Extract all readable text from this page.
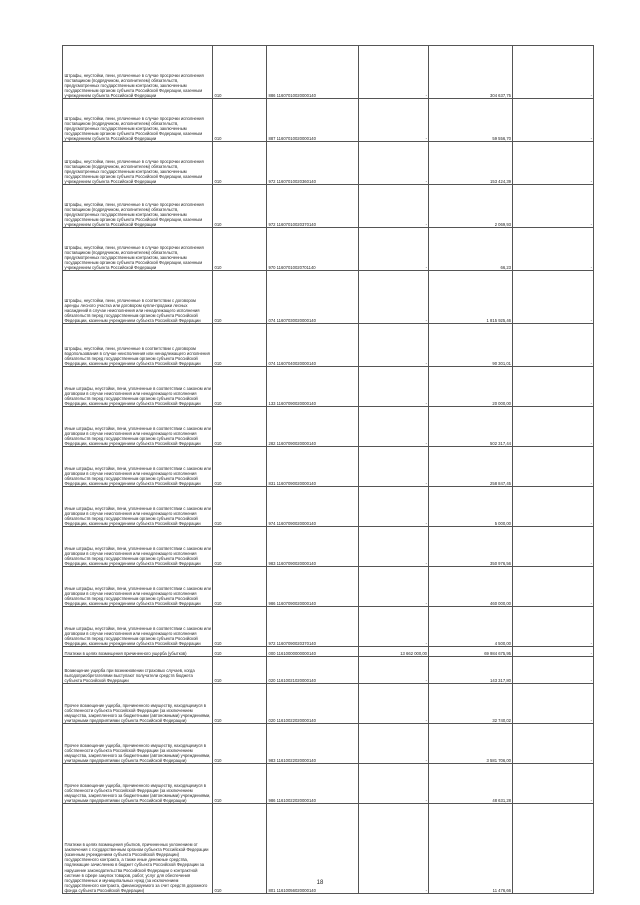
Штрафы, неустойки, пени, уплаченные в случае просрочки исполнения поставщиком (подрядчиком, исполнителем) обязательств, предусмотренных государственным контрактом, заключенным государственным органом субъекта Российской Федерации, казенным учреждением субъекта Российской Федерации	010	886 11607010020000140	-	304 637,75	-
Штрафы, неустойки, пени, уплаченные в случае просрочки исполнения поставщиком (подрядчиком, исполнителем) обязательств, предусмотренных государственным контрактом, заключенным государственным органом субъекта Российской Федерации, казенным учреждением субъекта Российской Федерации	010	887 11607010020000140	-	59 556,70	-
Штрафы, неустойки, пени, уплаченные в случае просрочки исполнения поставщиком (подрядчиком, исполнителем) обязательств, предусмотренных государственным контрактом, заключенным государственным органом субъекта Российской Федерации, казенным учреждением субъекта Российской Федерации	010	972 11607010020360140	-	153 424,39	-
Штрафы, неустойки, пени, уплаченные в случае просрочки исполнения поставщиком (подрядчиком, исполнителем) обязательств, предусмотренных государственным контрактом, заключенным государственным органом субъекта Российской Федерации, казенным учреждением субъекта Российской Федерации	010	972 11607010020370140	-	2 069,93	-
Штрафы, неустойки, пени, уплаченные в случае просрочки исполнения поставщиком (подрядчиком, исполнителем) обязательств, предусмотренных государственным контрактом, заключенным государственным органом субъекта Российской Федерации, казенным учреждением субъекта Российской Федерации	010	970 11607010020701140	-	66,23	-
Штрафы, неустойки, пени, уплаченные в соответствии с договором аренды лесного участка или договором купли-продажи лесных насаждений в случае неисполнения или ненадлежащего исполнения обязательств перед государственным органом субъекта Российской Федерации, казенным учреждением субъекта Российской Федерации	010	074 11607030020000140	-	1 815 925,46	-
Штрафы, неустойки, пени, уплаченные в соответствии с договором водопользования в случае неисполнения или ненадлежащего исполнения обязательств перед государственным органом субъекта Российской Федерации, казенным учреждением субъекта Российской Федерации	010	074 11607040020000140	-	90 301,01	-
Иные штрафы, неустойки, пени, уплаченные в соответствии с законом или договором в случае неисполнения или ненадлежащего исполнения обязательств перед государственным органом субъекта Российской Федерации, казенным учреждением субъекта Российской Федерации	010	133 11607090020000140	-	20 000,00	-
Иные штрафы, неустойки, пени, уплаченные в соответствии с законом или договором в случае неисполнения или ненадлежащего исполнения обязательств перед государственным органом субъекта Российской Федерации, казенным учреждением субъекта Российской Федерации	010	282 11607090020000140	-	502 317,44	-
Иные штрафы, неустойки, пени, уплаченные в соответствии с законом или договором в случае неисполнения или ненадлежащего исполнения обязательств перед государственным органом субъекта Российской Федерации, казенным учреждением субъекта Российской Федерации	010	831 11607090020000140	-	258 847,45	-
Иные штрафы, неустойки, пени, уплаченные в соответствии с законом или договором в случае неисполнения или ненадлежащего исполнения обязательств перед государственным органом субъекта Российской Федерации, казенным учреждением субъекта Российской Федерации	010	974 11607090020000140	-	5 000,00	-
Иные штрафы, неустойки, пени, уплаченные в соответствии с законом или договором в случае неисполнения или ненадлежащего исполнения обязательств перед государственным органом субъекта Российской Федерации, казенным учреждением субъекта Российской Федерации	010	983 11607090020000140	-	350 976,56	-
Иные штрафы, неустойки, пени, уплаченные в соответствии с законом или договором в случае неисполнения или ненадлежащего исполнения обязательств перед государственным органом субъекта Российской Федерации, казенным учреждением субъекта Российской Федерации	010	986 11607090020000140	-	460 000,00	-
Иные штрафы, неустойки, пени, уплаченные в соответствии с законом или договором в случае неисполнения или ненадлежащего исполнения обязательств перед государственным органом субъекта Российской Федерации, казенным учреждением субъекта Российской Федерации	010	972 11607090020370140	-	4 500,00	-
Платежи в целях возмещения причиненного ущерба (убытков)	010	000 11610000000000140	13 662 000,00	69 984 675,95	-
Возмещение ущерба при возникновении страховых случаев, когда выгодоприобретателями выступают получатели средств бюджета субъекта Российской Федерации	010	020 11610021020000140	-	143 317,80	-
Прочее возмещение ущерба, причиненного имуществу, находящемуся в собственности субъекта Российской Федерации (за исключением имущества, закрепленного за бюджетными (автономными) учреждениями, унитарными предприятиями субъекта Российской Федерации)	010	020 11610022020000140	-	32 740,02	-
Прочее возмещение ущерба, причиненного имуществу, находящемуся в собственности субъекта Российской Федерации (за исключением имущества, закрепленного за бюджетными (автономными) учреждениями, унитарными предприятиями субъекта Российской Федерации)	010	983 11610022020000140	-	3 581 706,00	-
Прочее возмещение ущерба, причиненного имуществу, находящемуся в собственности субъекта Российской Федерации (за исключением имущества, закрепленного за бюджетными (автономными) учреждениями, унитарными предприятиями субъекта Российской Федерации)	010	986 11610022020000140	-	48 631,28	-
Платежи в целях возмещения убытков, причиненных уклонением от заключения с государственным органом субъекта Российской Федерации (казенным учреждением субъекта Российской Федерации) государственного контракта, а также иные денежные средства, подлежащие зачислению в бюджет субъекта Российской Федерации за нарушение законодательства Российской Федерации о контрактной системе в сфере закупок товаров, работ, услуг для обеспечения государственных и муниципальных нужд (за исключением государственного контракта, финансируемого за счет средств дорожного фонда субъекта Российской Федерации)	010	801 11610056020000140	-	11 476,66	-
18
